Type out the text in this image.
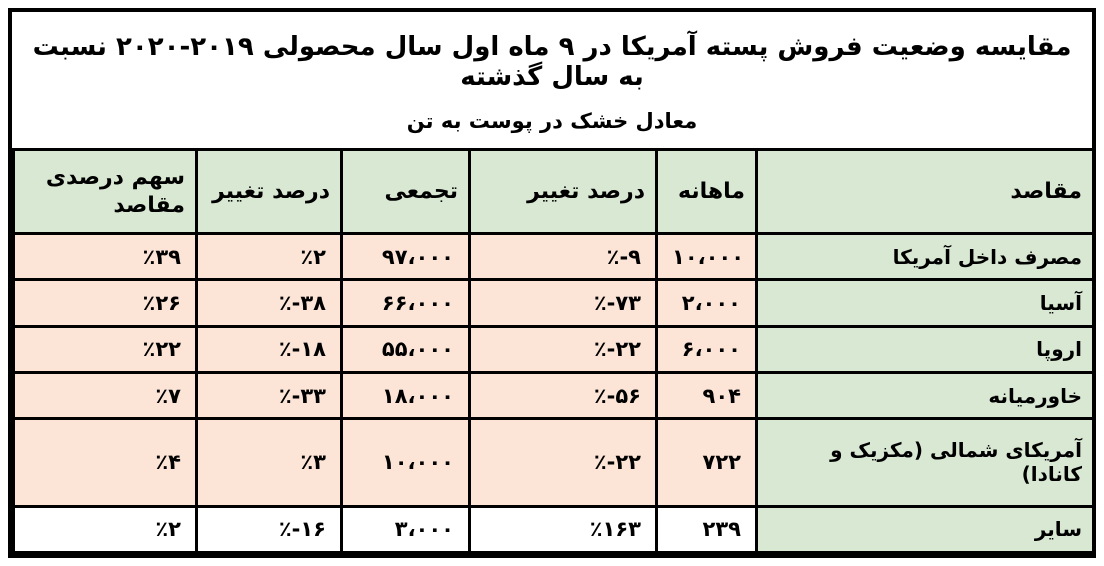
مقایسه وضعیت فروش پسته آمریکا در ۹ ماه اول سال محصولی ۲۰۱۹-۲۰۲۰ نسبت به سال گذشته
معادل خشک در پوست به تن
مقاصد	ماهانه	درصد تغییر	تجمعی	درصد تغییر	سهم درصدی مقاصد
مصرف داخل آمریکا	۱۰،۰۰۰	٪-۹	۹۷،۰۰۰	٪۲	٪۳۹
آسیا	۲،۰۰۰	٪-۷۳	۶۶،۰۰۰	٪-۳۸	٪۲۶
اروپا	۶،۰۰۰	٪-۲۲	۵۵،۰۰۰	٪-۱۸	٪۲۲
خاورمیانه	۹۰۴	٪-۵۶	۱۸،۰۰۰	٪-۳۳	٪۷
آمریکای شمالی (مکزیک و کانادا)	۷۲۲	٪-۲۲	۱۰،۰۰۰	٪۳	٪۴
سایر	۲۳۹	٪۱۶۳	۳،۰۰۰	٪-۱۶	٪۲
